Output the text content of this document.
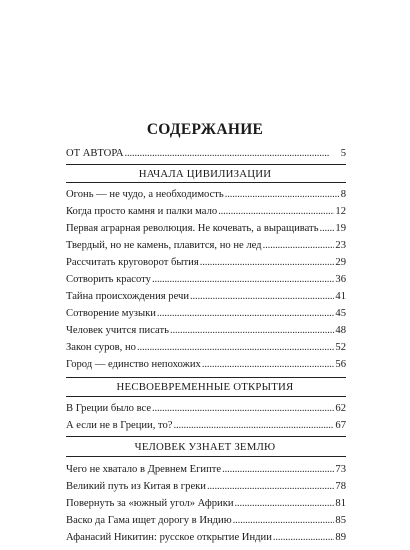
СОДЕРЖАНИЕ
ОТ АВТОРА . . .	5
НАЧАЛА ЦИВИЛИЗАЦИИ
Огонь — не чудо, а необходимость . . .	8
Когда просто камня и палки мало . . .	12
Первая аграрная революция. Не кочевать, а выращивать . . . 19
Твердый, но не камень, плавится, но не лед . . .	23
Рассчитать круговорот бытия . . .	29
Сотворить красоту . . .	36
Тайна происхождения речи . . .	41
Сотворение музыки . . .	45
Человек учится писать . . .	48
Закон суров, но . . .	52
Город — единство непохожих . . .	56
НЕСВОЕВРЕМЕННЫЕ ОТКРЫТИЯ
В Греции было все . . .	62
А если не в Греции, то? . . .	67
ЧЕЛОВЕК УЗНАЕТ ЗЕМЛЮ
Чего не хватало в Древнем Египте . . .	73
Великий путь из Китая в греки . . .	78
Повернуть за «южный угол» Африки . . .	81
Васко да Гама ищет дорогу в Индию . . .	85
Афанасий Никитин: русское открытие Индии . . .	89
